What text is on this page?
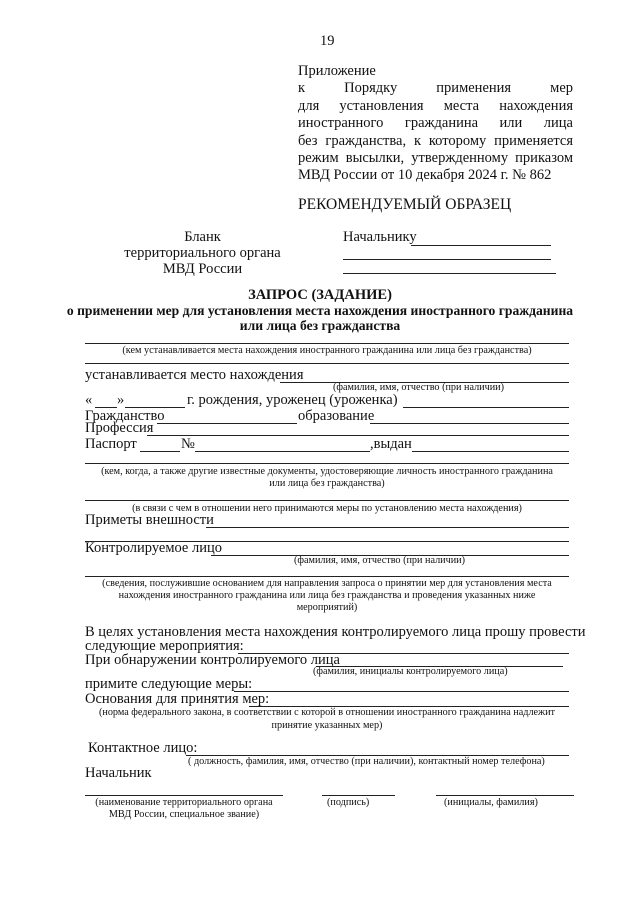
19
Приложение
к Порядку применения мер
для установления места нахождения
иностранного гражданина или лица
без гражданства, к которому применяется
режим высылки, утвержденному приказом
МВД России от 10 декабря 2024 г. № 862
РЕКОМЕНДУЕМЫЙ ОБРАЗЕЦ
Бланк
территориального органа
МВД России
Начальнику
ЗАПРОС (ЗАДАНИЕ)
о применении мер для установления места нахождения иностранного гражданина
или лица без гражданства
(кем устанавливается места нахождения иностранного гражданина или лица без гражданства)
устанавливается место нахождения
(фамилия, имя, отчество (при наличии)
« »	г. рождения, уроженец (уроженка)
Гражданство	образование
Профессия
Паспорт	№	,выдан
(кем, когда, а также другие известные документы, удостоверяющие личность иностранного гражданина
или лица без гражданства)
(в связи с чем в отношении него принимаются меры по установлению места нахождения)
Приметы внешности
Контролируемое лицо
(фамилия, имя, отчество (при наличии)
(сведения, послужившие основанием для направления запроса о принятии мер для установления места
нахождения иностранного гражданина или лица без гражданства и проведения указанных ниже
мероприятий)
В целях установления места нахождения контролируемого лица прошу провести
следующие мероприятия:
При обнаружении контролируемого лица
(фамилия, инициалы контролируемого лица)
примите следующие меры:
Основания для принятия мер:
(норма федерального закона, в соответствии с которой в отношении иностранного гражданина надлежит
принятие указанных мер)
Контактное лицо:
( должность, фамилия, имя, отчество (при наличии), контактный номер телефона)
Начальник
(наименование территориального органа
МВД России, специальное звание)
(подпись)	(инициалы, фамилия)
